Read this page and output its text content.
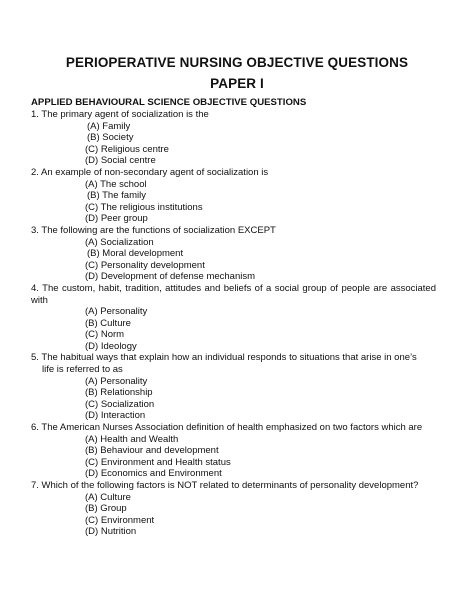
PERIOPERATIVE NURSING OBJECTIVE QUESTIONS
PAPER I
APPLIED BEHAVIOURAL SCIENCE OBJECTIVE QUESTIONS
1. The primary agent of socialization is the
(A) Family
(B) Society
(C) Religious centre
(D) Social centre
2. An example of non-secondary agent of socialization is
(A) The school
(B) The family
(C) The religious institutions
(D) Peer group
3. The following are the functions of socialization EXCEPT
(A) Socialization
(B) Moral development
(C) Personality development
(D) Development of defense mechanism
4. The custom, habit, tradition, attitudes and beliefs of a social group of people are associated with
(A) Personality
(B) Culture
(C) Norm
(D) Ideology
5. The habitual ways that explain how an individual responds to situations that arise in one’s
life is referred to as
(A) Personality
(B) Relationship
(C) Socialization
(D) Interaction
6. The American Nurses Association definition of health emphasized on two factors which are
(A) Health and Wealth
(B) Behaviour and development
(C) Environment and Health status
(D) Economics and Environment
7. Which of the following factors is NOT related to determinants of personality development?
(A) Culture
(B) Group
(C) Environment
(D) Nutrition
